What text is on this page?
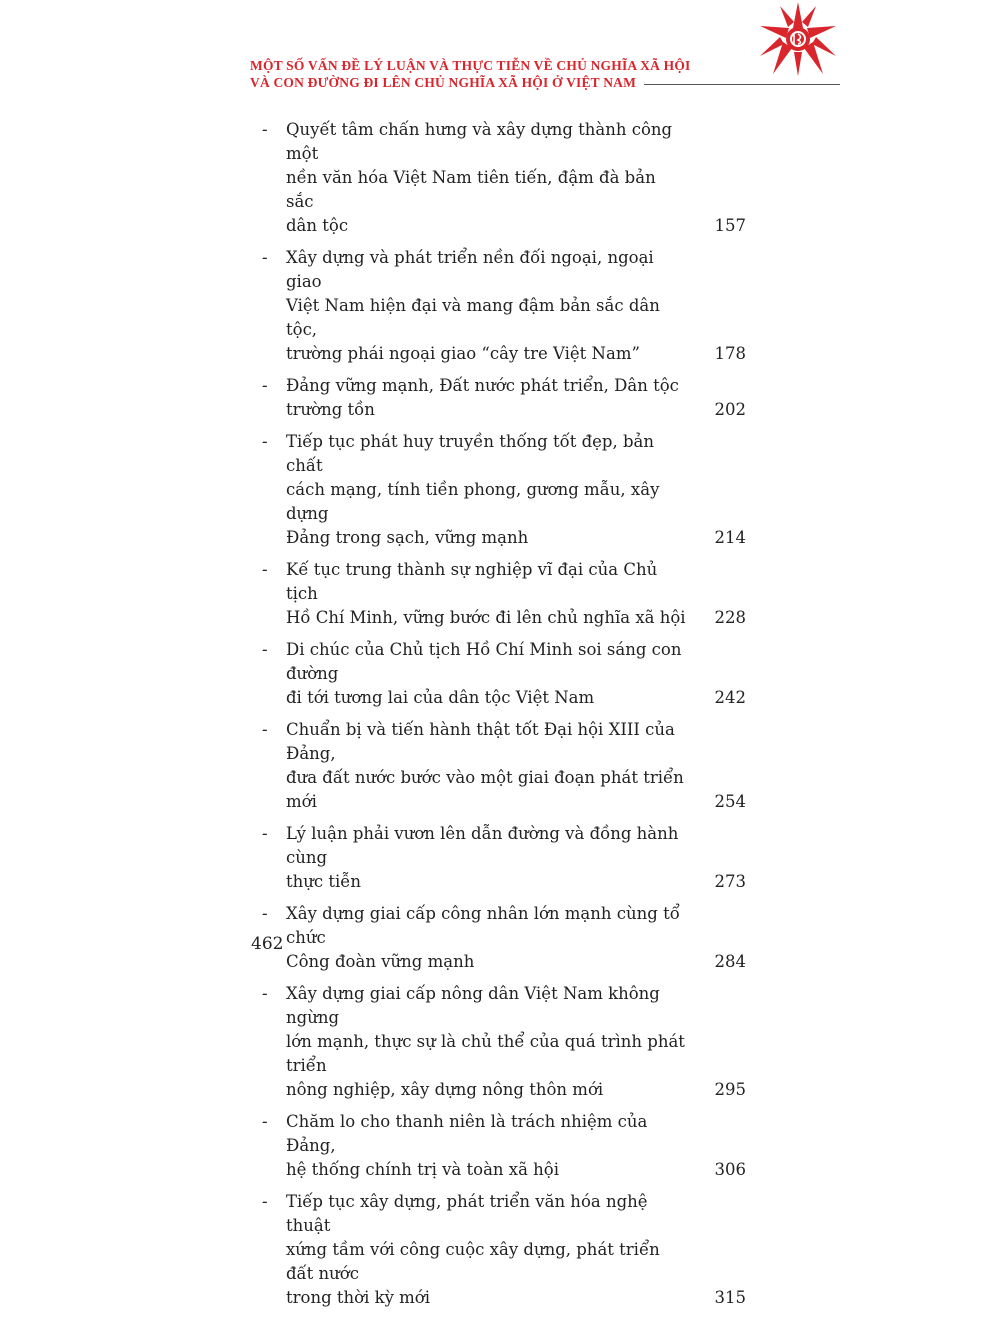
MỘT SỐ VẤN ĐỀ LÝ LUẬN VÀ THỰC TIỄN VỀ CHỦ NGHĨA XÃ HỘI
VÀ CON ĐƯỜNG ĐI LÊN CHỦ NGHĨA XÃ HỘI Ở VIỆT NAM
- Quyết tâm chấn hưng và xây dựng thành công một
nền văn hóa Việt Nam tiên tiến, đậm đà bản sắc
dân tộc	157
- Xây dựng và phát triển nền đối ngoại, ngoại giao
Việt Nam hiện đại và mang đậm bản sắc dân tộc,
trường phái ngoại giao “cây tre Việt Nam”	178
- Đảng vững mạnh, Đất nước phát triển, Dân tộc
trường tồn	202
- Tiếp tục phát huy truyền thống tốt đẹp, bản chất
cách mạng, tính tiền phong, gương mẫu, xây dựng
Đảng trong sạch, vững mạnh	214
- Kế tục trung thành sự nghiệp vĩ đại của Chủ tịch
Hồ Chí Minh, vững bước đi lên chủ nghĩa xã hội 228
- Di chúc của Chủ tịch Hồ Chí Minh soi sáng con đường
đi tới tương lai của dân tộc Việt Nam	242
- Chuẩn bị và tiến hành thật tốt Đại hội XIII của Đảng,
đưa đất nước bước vào một giai đoạn phát triển mới	254
- Lý luận phải vươn lên dẫn đường và đồng hành cùng
thực tiễn	273
- Xây dựng giai cấp công nhân lớn mạnh cùng tổ chức
Công đoàn vững mạnh	284
- Xây dựng giai cấp nông dân Việt Nam không ngừng
lớn mạnh, thực sự là chủ thể của quá trình phát triển
nông nghiệp, xây dựng nông thôn mới	295
- Chăm lo cho thanh niên là trách nhiệm của Đảng,
hệ thống chính trị và toàn xã hội	306
- Tiếp tục xây dựng, phát triển văn hóa nghệ thuật
xứng tầm với công cuộc xây dựng, phát triển đất nước
trong thời kỳ mới	315
462
